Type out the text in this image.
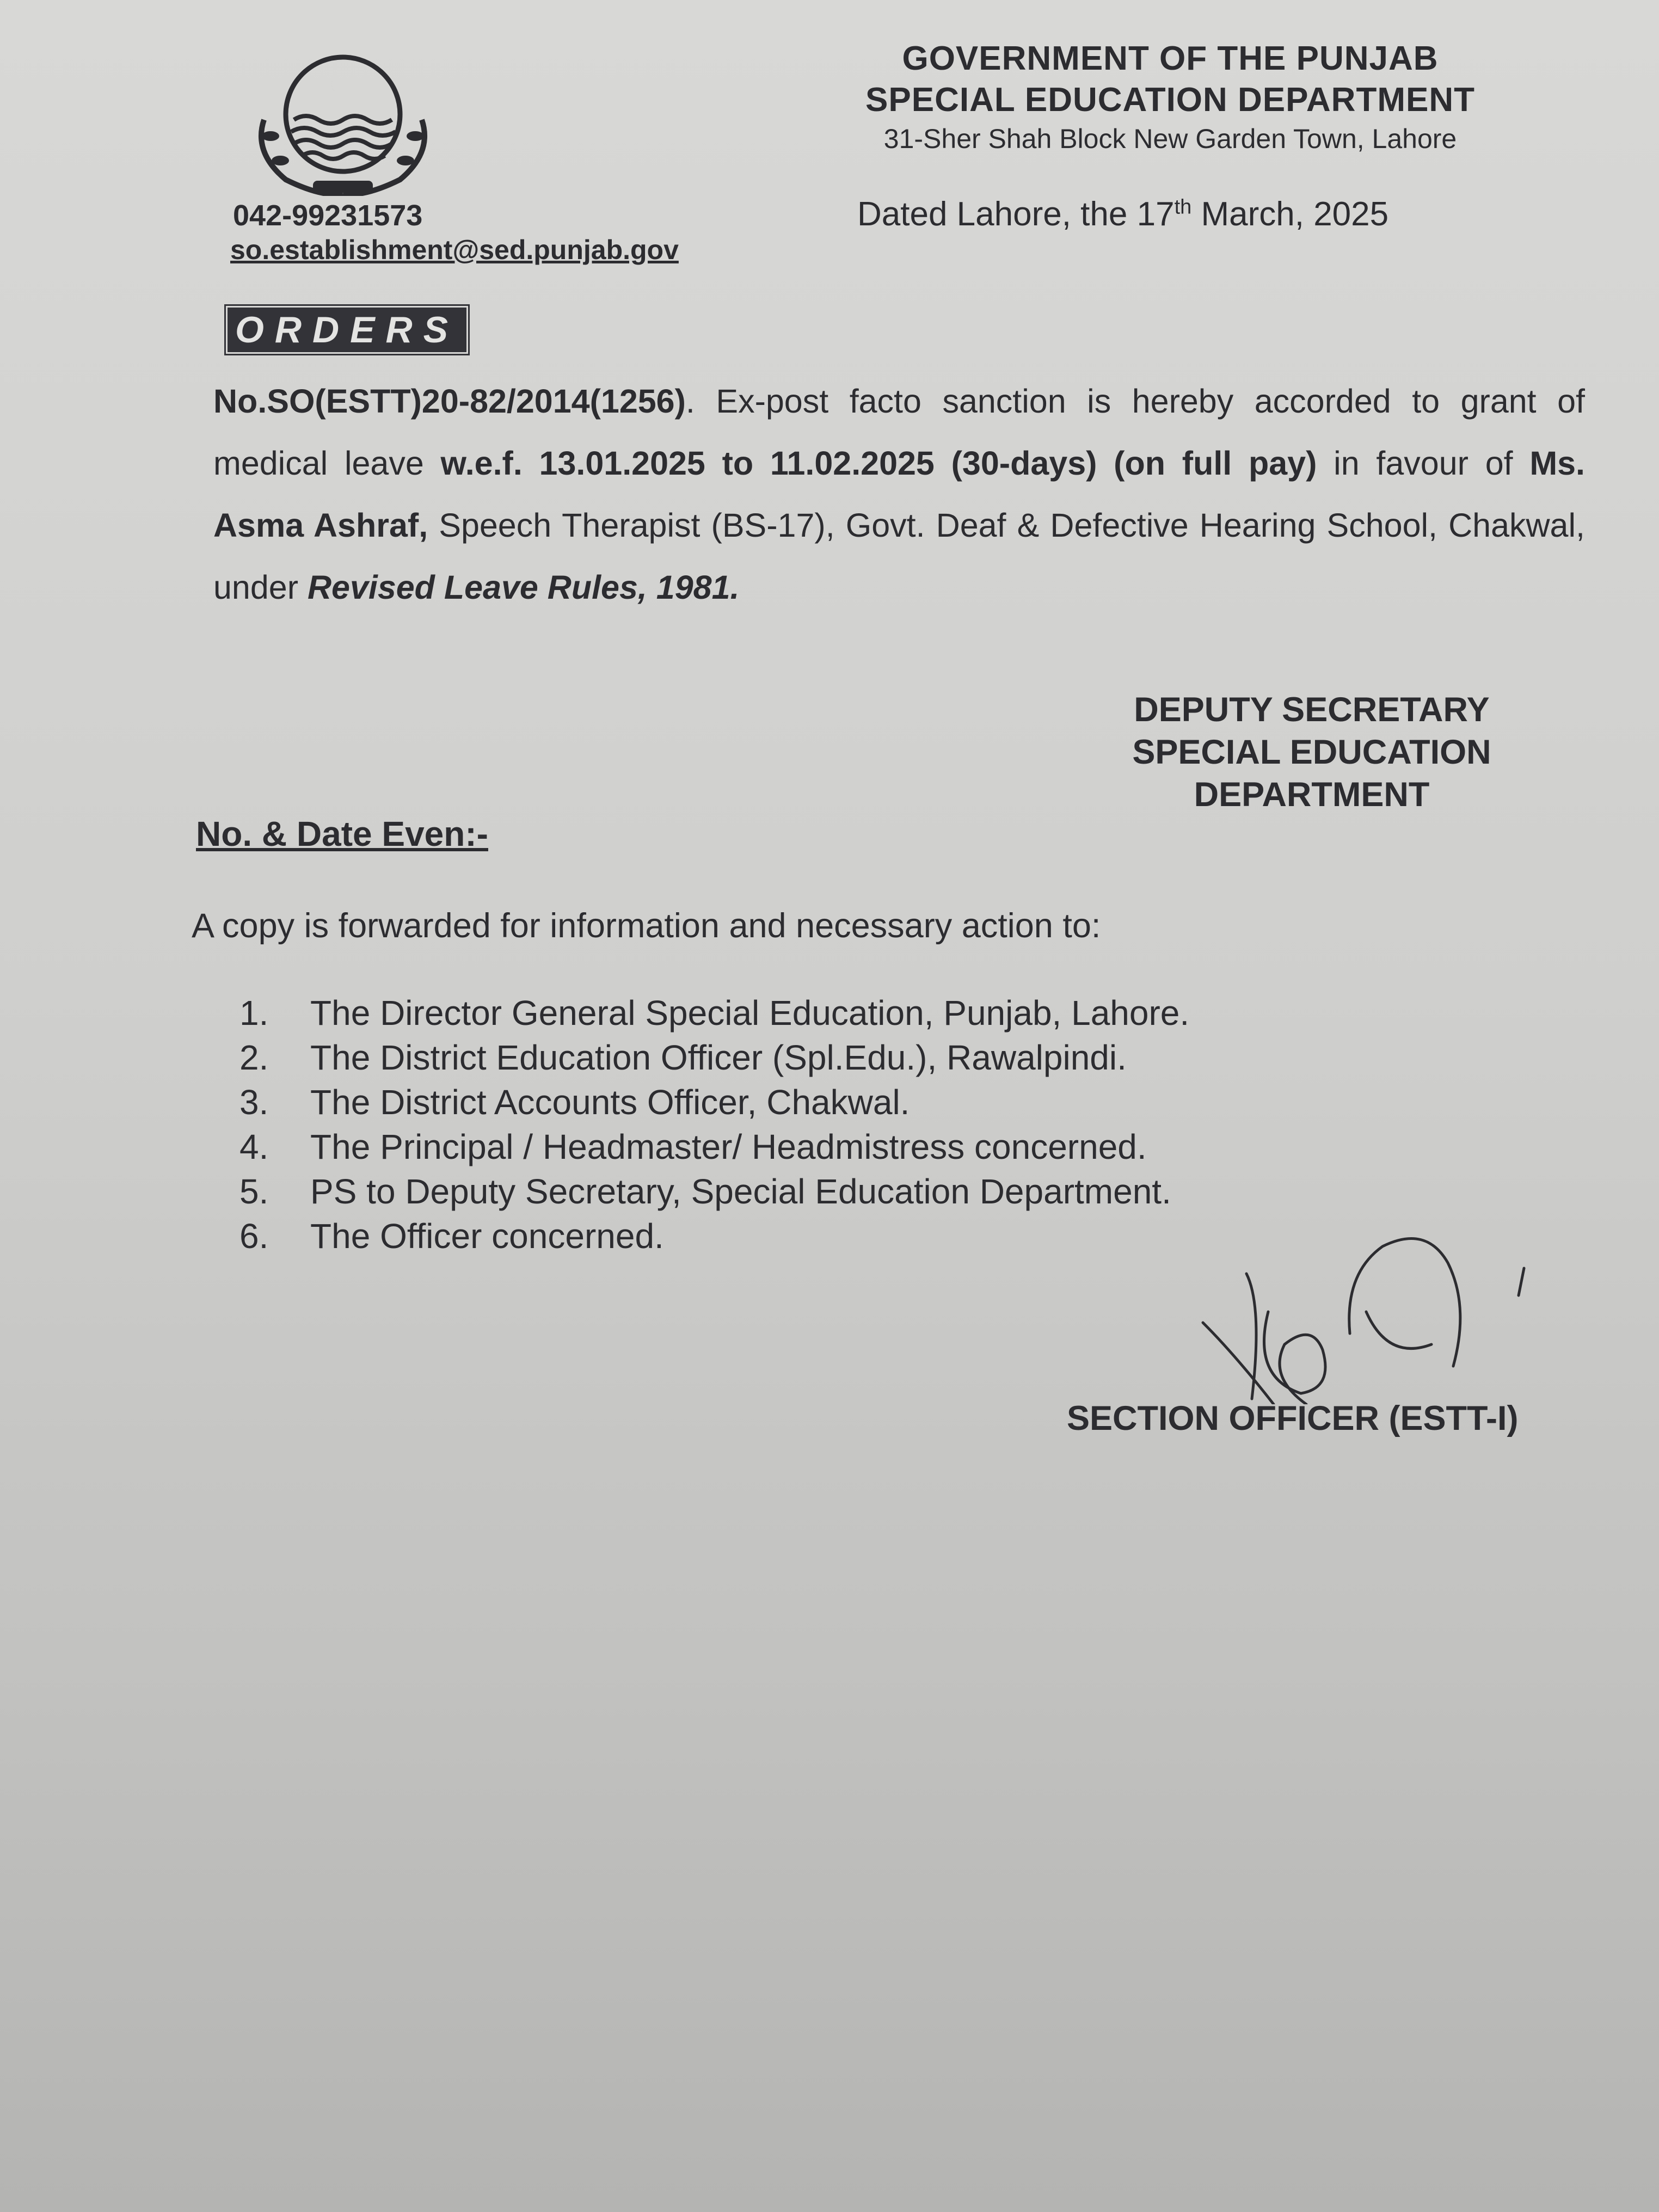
GOVERNMENT OF THE PUNJAB
SPECIAL EDUCATION DEPARTMENT
31-Sher Shah Block New Garden Town, Lahore
042-99231573
so.establishment@sed.punjab.gov
Dated Lahore, the 17th March, 2025
ORDERS
No.SO(ESTT)20-82/2014(1256). Ex-post facto sanction is hereby accorded to grant of medical leave w.e.f. 13.01.2025 to 11.02.2025 (30-days) (on full pay) in favour of Ms. Asma Ashraf, Speech Therapist (BS-17), Govt. Deaf & Defective Hearing School, Chakwal, under Revised Leave Rules, 1981.
DEPUTY SECRETARY
SPECIAL EDUCATION
DEPARTMENT
No. & Date Even:-
A copy is forwarded for information and necessary action to:
1.	The Director General Special Education, Punjab, Lahore.
2.	The District Education Officer (Spl.Edu.), Rawalpindi.
3.	The District Accounts Officer, Chakwal.
4.	The Principal / Headmaster/ Headmistress concerned.
5.	PS to Deputy Secretary, Special Education Department.
6.	The Officer concerned.
SECTION OFFICER (ESTT-I)
